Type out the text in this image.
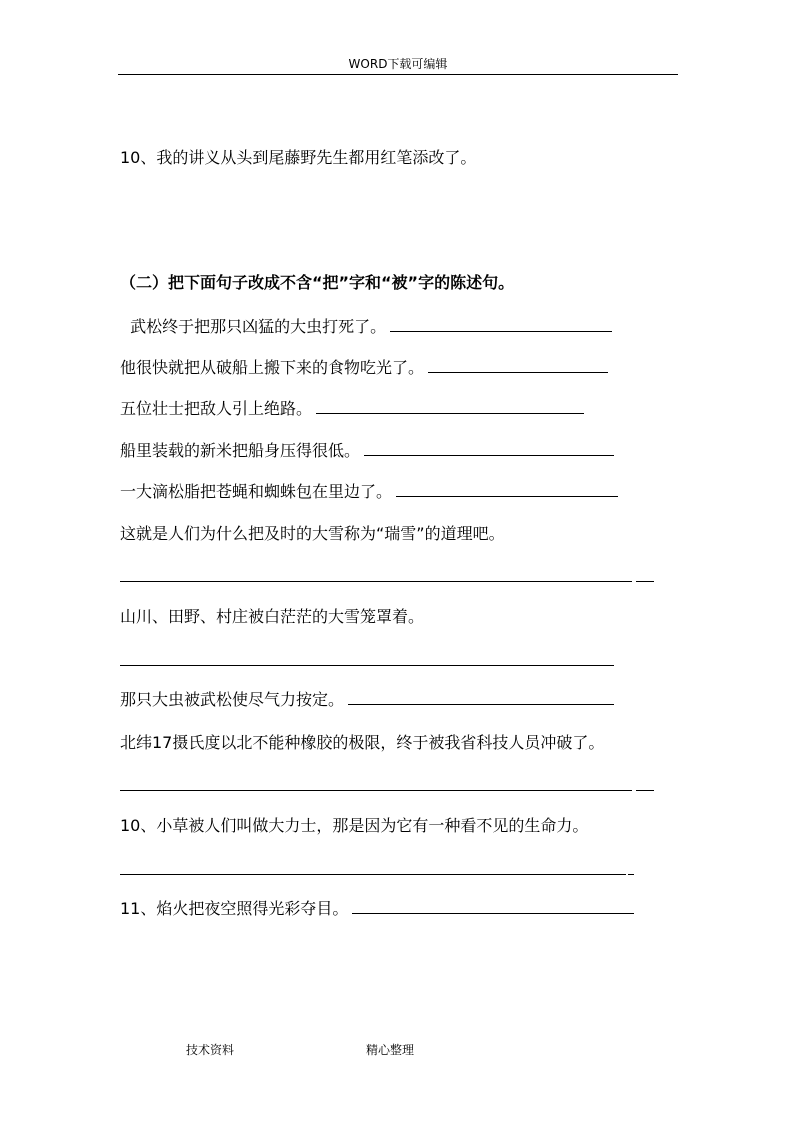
WORD下载可编辑
10、我的讲义从头到尾藤野先生都用红笔添改了。
（二）把下面句子改成不含“把”字和“被”字的陈述句。
武松终于把那只凶猛的大虫打死了。
他很快就把从破船上搬下来的食物吃光了。
五位壮士把敌人引上绝路。
船里装载的新米把船身压得很低。
一大滴松脂把苍蝇和蜘蛛包在里边了。
这就是人们为什么把及时的大雪称为“瑞雪”的道理吧。
山川、田野、村庄被白茫茫的大雪笼罩着。
那只大虫被武松使尽气力按定。
北纬17摄氏度以北不能种橡胶的极限，终于被我省科技人员冲破了。
10、小草被人们叫做大力士，那是因为它有一种看不见的生命力。
11、焰火把夜空照得光彩夺目。
技术资料	精心整理
